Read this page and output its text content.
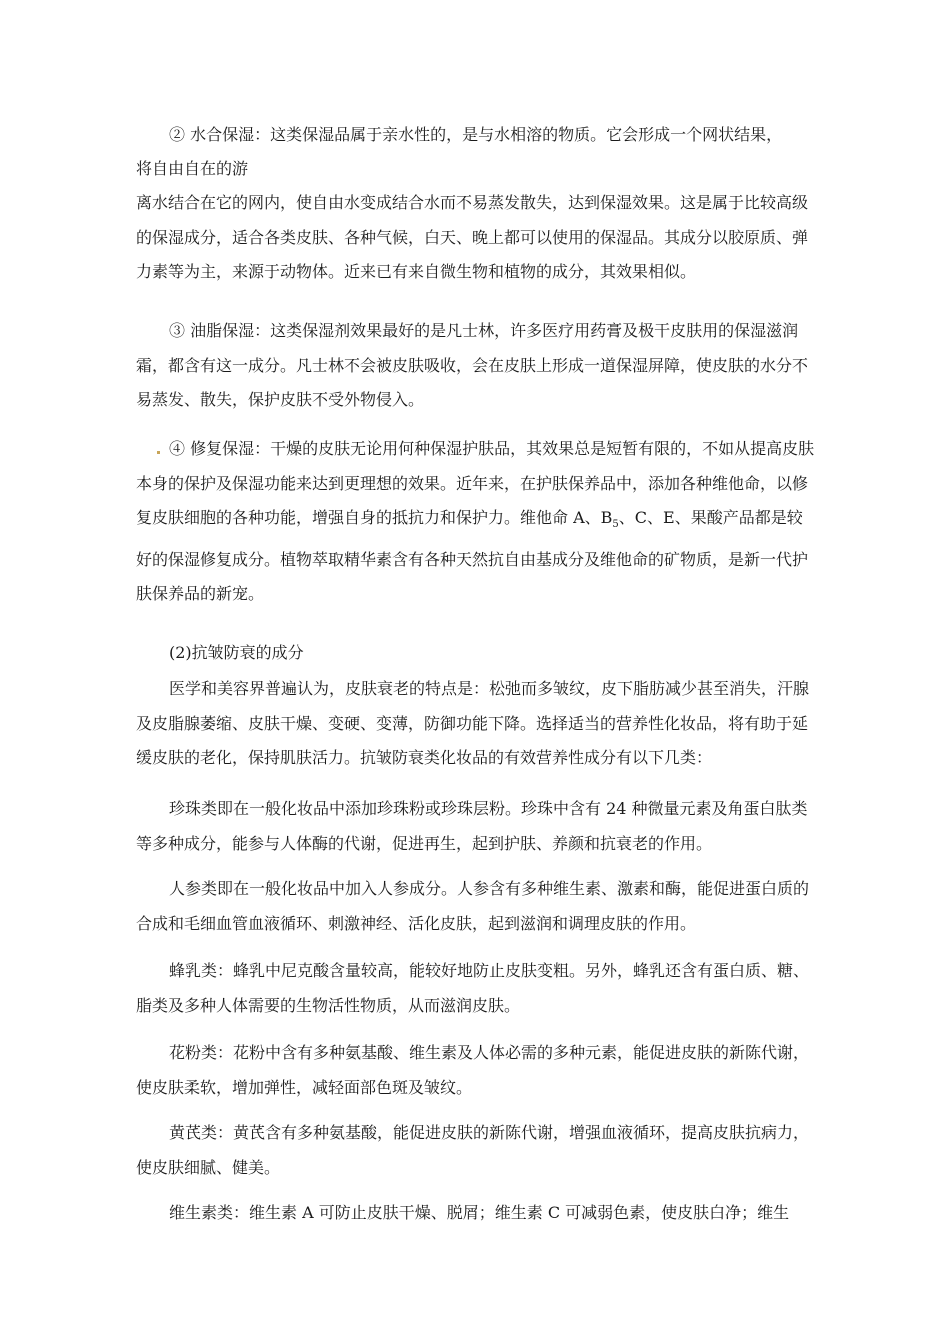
② 水合保湿：这类保湿品属于亲水性的，是与水相溶的物质。它会形成一个网状结果，

将自由自在的游

离水结合在它的网内，使自由水变成结合水而不易蒸发散失，达到保湿效果。这是属于比较高级的保湿成分，适合各类皮肤、各种气候，白天、晚上都可以使用的保湿品。其成分以胶原质、弹力素等为主，来源于动物体。近来已有来自微生物和植物的成分，其效果相似。

③ 油脂保湿：这类保湿剂效果最好的是凡士林，许多医疗用药膏及极干皮肤用的保湿滋润霜，都含有这一成分。凡士林不会被皮肤吸收，会在皮肤上形成一道保湿屏障，使皮肤的水分不易蒸发、散失，保护皮肤不受外物侵入。

④ 修复保湿：干燥的皮肤无论用何种保湿护肤品，其效果总是短暂有限的，不如从提高皮肤本身的保护及保湿功能来达到更理想的效果。近年来，在护肤保养品中，添加各种维他命，以修复皮肤细胞的各种功能，增强自身的抵抗力和保护力。维他命 A、$B_5$、C、E、果酸产品都是较好的保湿修复成分。植物萃取精华素含有各种天然抗自由基成分及维他命的矿物质，是新一代护肤保养品的新宠。

(2)抗皱防衰的成分

医学和美容界普遍认为，皮肤衰老的特点是：松弛而多皱纹，皮下脂肪减少甚至消失，汗腺及皮脂腺萎缩、皮肤干燥、变硬、变薄，防御功能下降。选择适当的营养性化妆品，将有助于延缓皮肤的老化，保持肌肤活力。抗皱防衰类化妆品的有效营养性成分有以下几类：

珍珠类即在一般化妆品中添加珍珠粉或珍珠层粉。珍珠中含有 24 种微量元素及角蛋白肽类等多种成分，能参与人体酶的代谢，促进再生，起到护肤、养颜和抗衰老的作用。

人参类即在一般化妆品中加入人参成分。人参含有多种维生素、激素和酶，能促进蛋白质的合成和毛细血管血液循环、刺激神经、活化皮肤，起到滋润和调理皮肤的作用。

蜂乳类：蜂乳中尼克酸含量较高，能较好地防止皮肤变粗。另外，蜂乳还含有蛋白质、糖、脂类及多种人体需要的生物活性物质，从而滋润皮肤。

花粉类：花粉中含有多种氨基酸、维生素及人体必需的多种元素，能促进皮肤的新陈代谢，使皮肤柔软，增加弹性，减轻面部色斑及皱纹。

黄芪类：黄芪含有多种氨基酸，能促进皮肤的新陈代谢，增强血液循环，提高皮肤抗病力，使皮肤细腻、健美。

维生素类：维生素 A 可防止皮肤干燥、脱屑；维生素 C 可减弱色素，使皮肤白净；维生
